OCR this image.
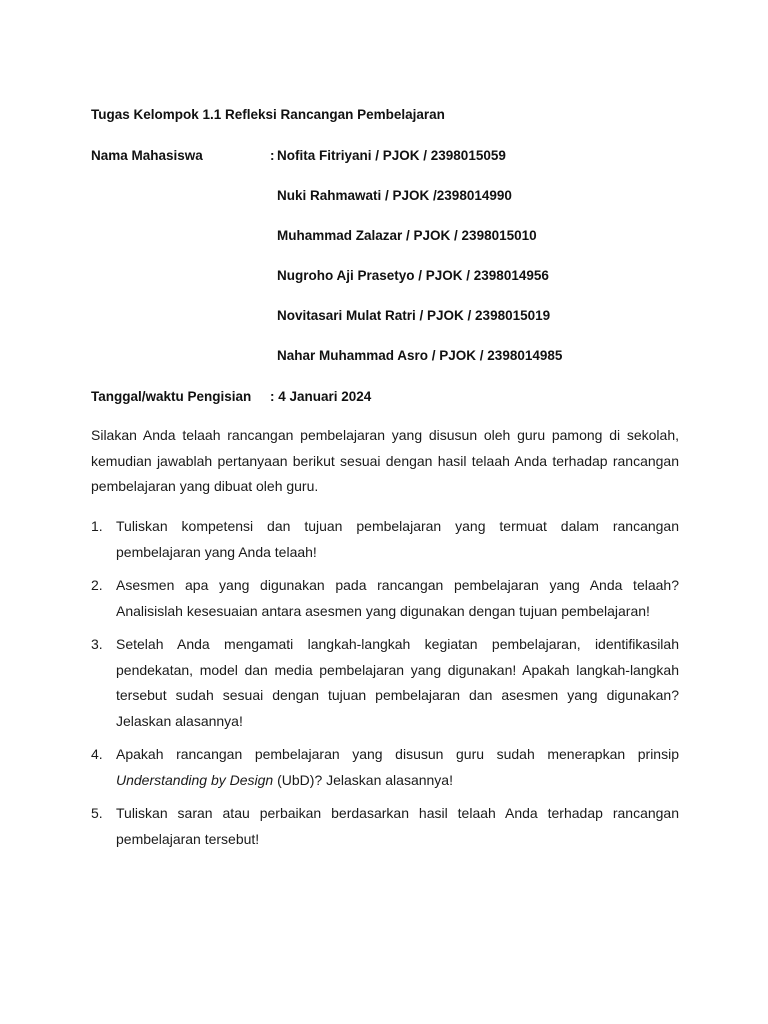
Tugas Kelompok 1.1 Refleksi Rancangan Pembelajaran
Nama Mahasiswa	: Nofita Fitriyani / PJOK / 2398015059
Nuki Rahmawati / PJOK /2398014990
Muhammad Zalazar / PJOK / 2398015010
Nugroho Aji Prasetyo / PJOK / 2398014956
Novitasari Mulat Ratri / PJOK / 2398015019
Nahar Muhammad Asro / PJOK / 2398014985
Tanggal/waktu Pengisian : 4 Januari 2024
Silakan Anda telaah rancangan pembelajaran yang disusun oleh guru pamong di sekolah, kemudian jawablah pertanyaan berikut sesuai dengan hasil telaah Anda terhadap rancangan pembelajaran yang dibuat oleh guru.
1. Tuliskan kompetensi dan tujuan pembelajaran yang termuat dalam rancangan pembelajaran yang Anda telaah!
2. Asesmen apa yang digunakan pada rancangan pembelajaran yang Anda telaah? Analisislah kesesuaian antara asesmen yang digunakan dengan tujuan pembelajaran!
3. Setelah Anda mengamati langkah-langkah kegiatan pembelajaran, identifikasilah pendekatan, model dan media pembelajaran yang digunakan! Apakah langkah-langkah tersebut sudah sesuai dengan tujuan pembelajaran dan asesmen yang digunakan? Jelaskan alasannya!
4. Apakah rancangan pembelajaran yang disusun guru sudah menerapkan prinsip Understanding by Design (UbD)? Jelaskan alasannya!
5. Tuliskan saran atau perbaikan berdasarkan hasil telaah Anda terhadap rancangan pembelajaran tersebut!
